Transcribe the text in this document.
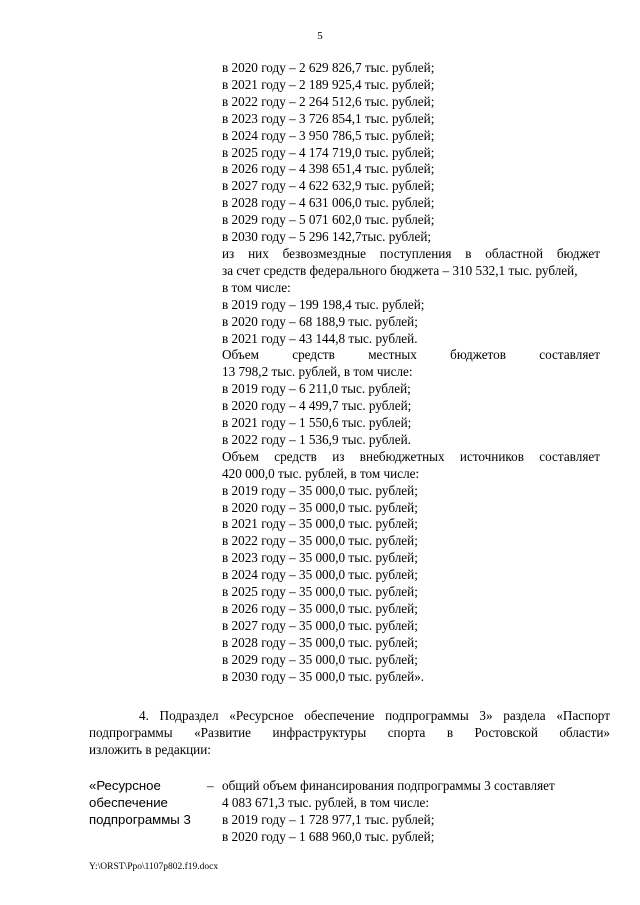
5
в 2020 году – 2 629 826,7 тыс. рублей;
в 2021 году – 2 189 925,4 тыс. рублей;
в 2022 году – 2 264 512,6 тыс. рублей;
в 2023 году – 3 726 854,1 тыс. рублей;
в 2024 году – 3 950 786,5 тыс. рублей;
в 2025 году – 4 174 719,0 тыс. рублей;
в 2026 году – 4 398 651,4 тыс. рублей;
в 2027 году – 4 622 632,9 тыс. рублей;
в 2028 году – 4 631 006,0 тыс. рублей;
в 2029 году – 5 071 602,0 тыс. рублей;
в 2030 году – 5 296 142,7тыс. рублей;
из них безвозмездные поступления в областной бюджет
за счет средств федерального бюджета – 310 532,1 тыс. рублей,
в том числе:
в 2019 году – 199 198,4 тыс. рублей;
в 2020 году – 68 188,9 тыс. рублей;
в 2021 году – 43 144,8 тыс. рублей.
Объем средств местных бюджетов составляет
13 798,2 тыс. рублей, в том числе:
в 2019 году – 6 211,0 тыс. рублей;
в 2020 году – 4 499,7 тыс. рублей;
в 2021 году – 1 550,6 тыс. рублей;
в 2022 году – 1 536,9 тыс. рублей.
Объем средств из внебюджетных источников составляет
420 000,0 тыс. рублей, в том числе:
в 2019 году – 35 000,0 тыс. рублей;
в 2020 году – 35 000,0 тыс. рублей;
в 2021 году – 35 000,0 тыс. рублей;
в 2022 году – 35 000,0 тыс. рублей;
в 2023 году – 35 000,0 тыс. рублей;
в 2024 году – 35 000,0 тыс. рублей;
в 2025 году – 35 000,0 тыс. рублей;
в 2026 году – 35 000,0 тыс. рублей;
в 2027 году – 35 000,0 тыс. рублей;
в 2028 году – 35 000,0 тыс. рублей;
в 2029 году – 35 000,0 тыс. рублей;
в 2030 году – 35 000,0 тыс. рублей».
4. Подраздел «Ресурсное обеспечение подпрограммы 3» раздела «Паспорт
подпрограммы «Развитие инфраструктуры спорта в Ростовской области»
изложить в редакции:
«Ресурсное
обеспечение
подпрограммы 3
– общий объем финансирования подпрограммы 3 составляет
4 083 671,3 тыс. рублей, в том числе:
в 2019 году – 1 728 977,1 тыс. рублей;
в 2020 году – 1 688 960,0 тыс. рублей;
Y:\ORST\Ppo\1107p802.f19.docx
